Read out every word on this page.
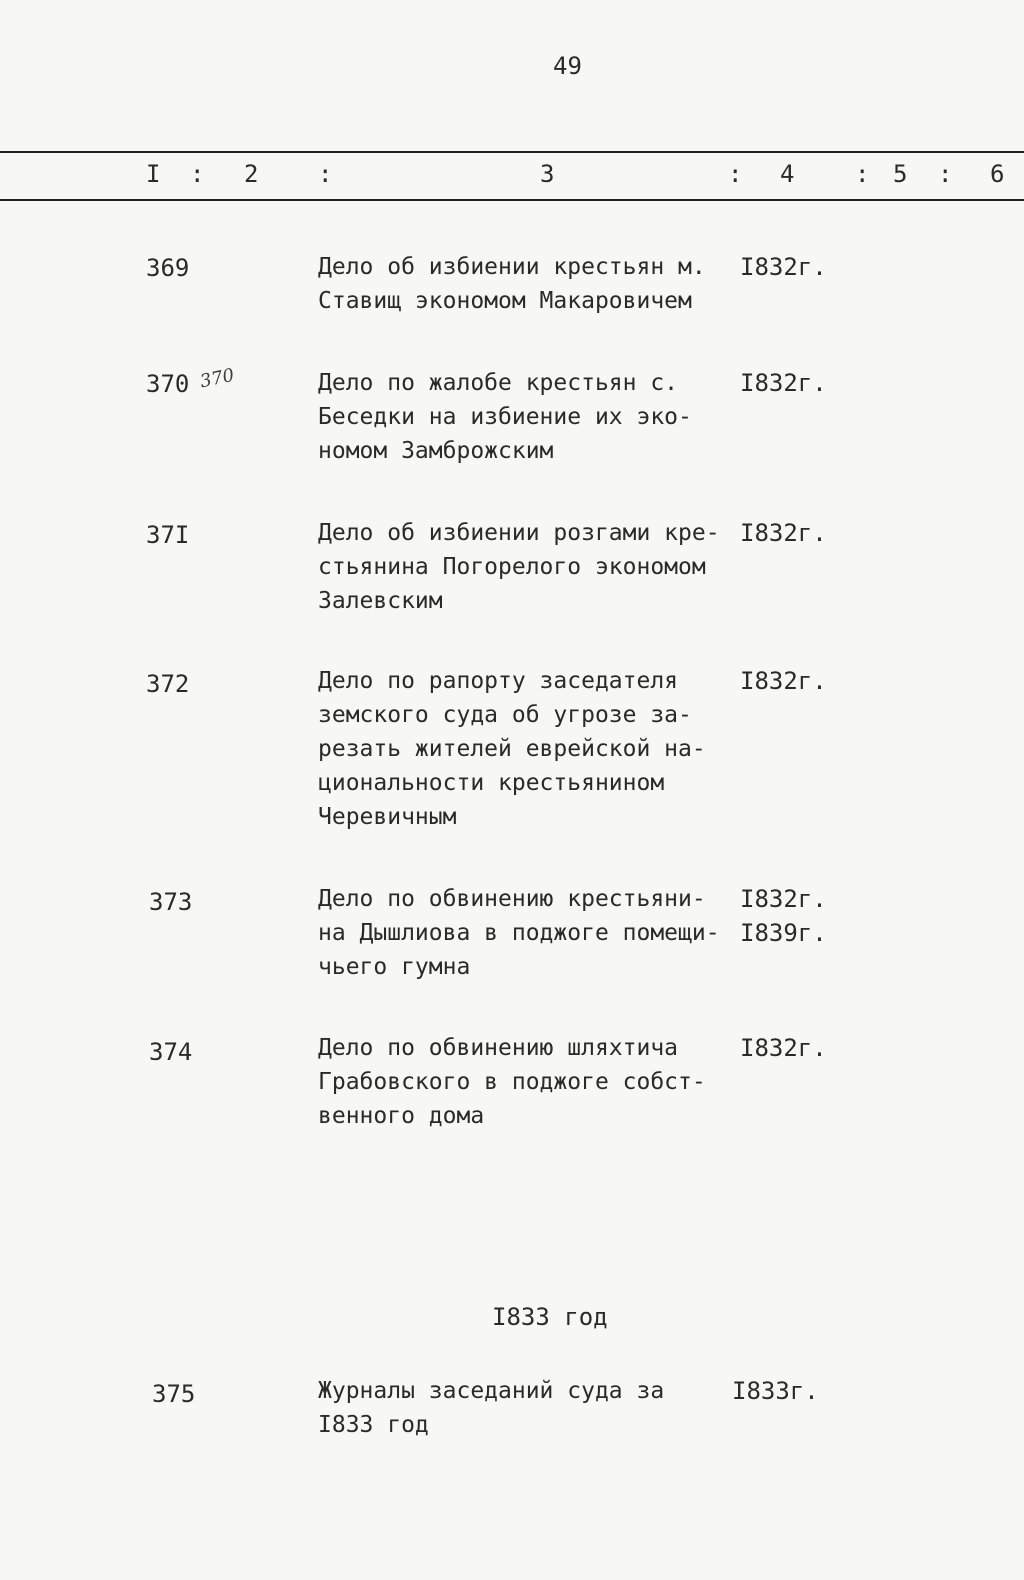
49
I : 2 :	3	: 4	: 5 : 6
369	Дело об избиении крестьян м.
Ставищ экономом Макаровичем
I832г.
370 370	Дело по жалобе крестьян с.
Беседки на избиение их эко-
номом Замброжским
I832г.
37I	Дело об избиении розгами кре-
стьянина Погорелого экономом
Залевским
I832г.
372	Дело по рапорту заседателя
земского суда об угрозе за-
резать жителей еврейской на-
циональности крестьянином
Черевичным
I832г.
373	Дело по обвинению крестьяни-
на Дышлиова в поджоге помещи-
чьего гумна
I832г.
I839г.
374	Дело по обвинению шляхтича
Грабовского в поджоге собст-
венного дома
I832г.
I833 год
375	Журналы заседаний суда за
I833 год
I833г.
